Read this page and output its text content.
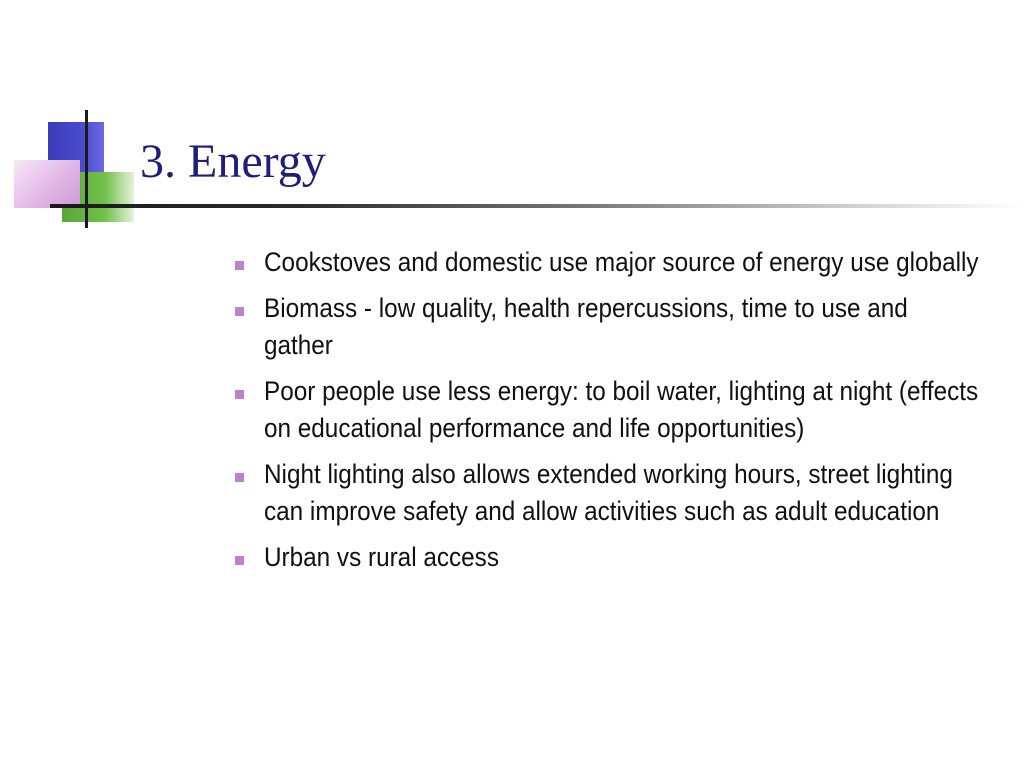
3. Energy
Cookstoves and domestic use major source of energy use globally
Biomass - low quality, health repercussions, time to use and gather
Poor people use less energy: to boil water, lighting at night (effects on educational performance and life opportunities)
Night lighting also allows extended working hours, street lighting can improve safety and allow activities such as adult education
Urban vs rural access
